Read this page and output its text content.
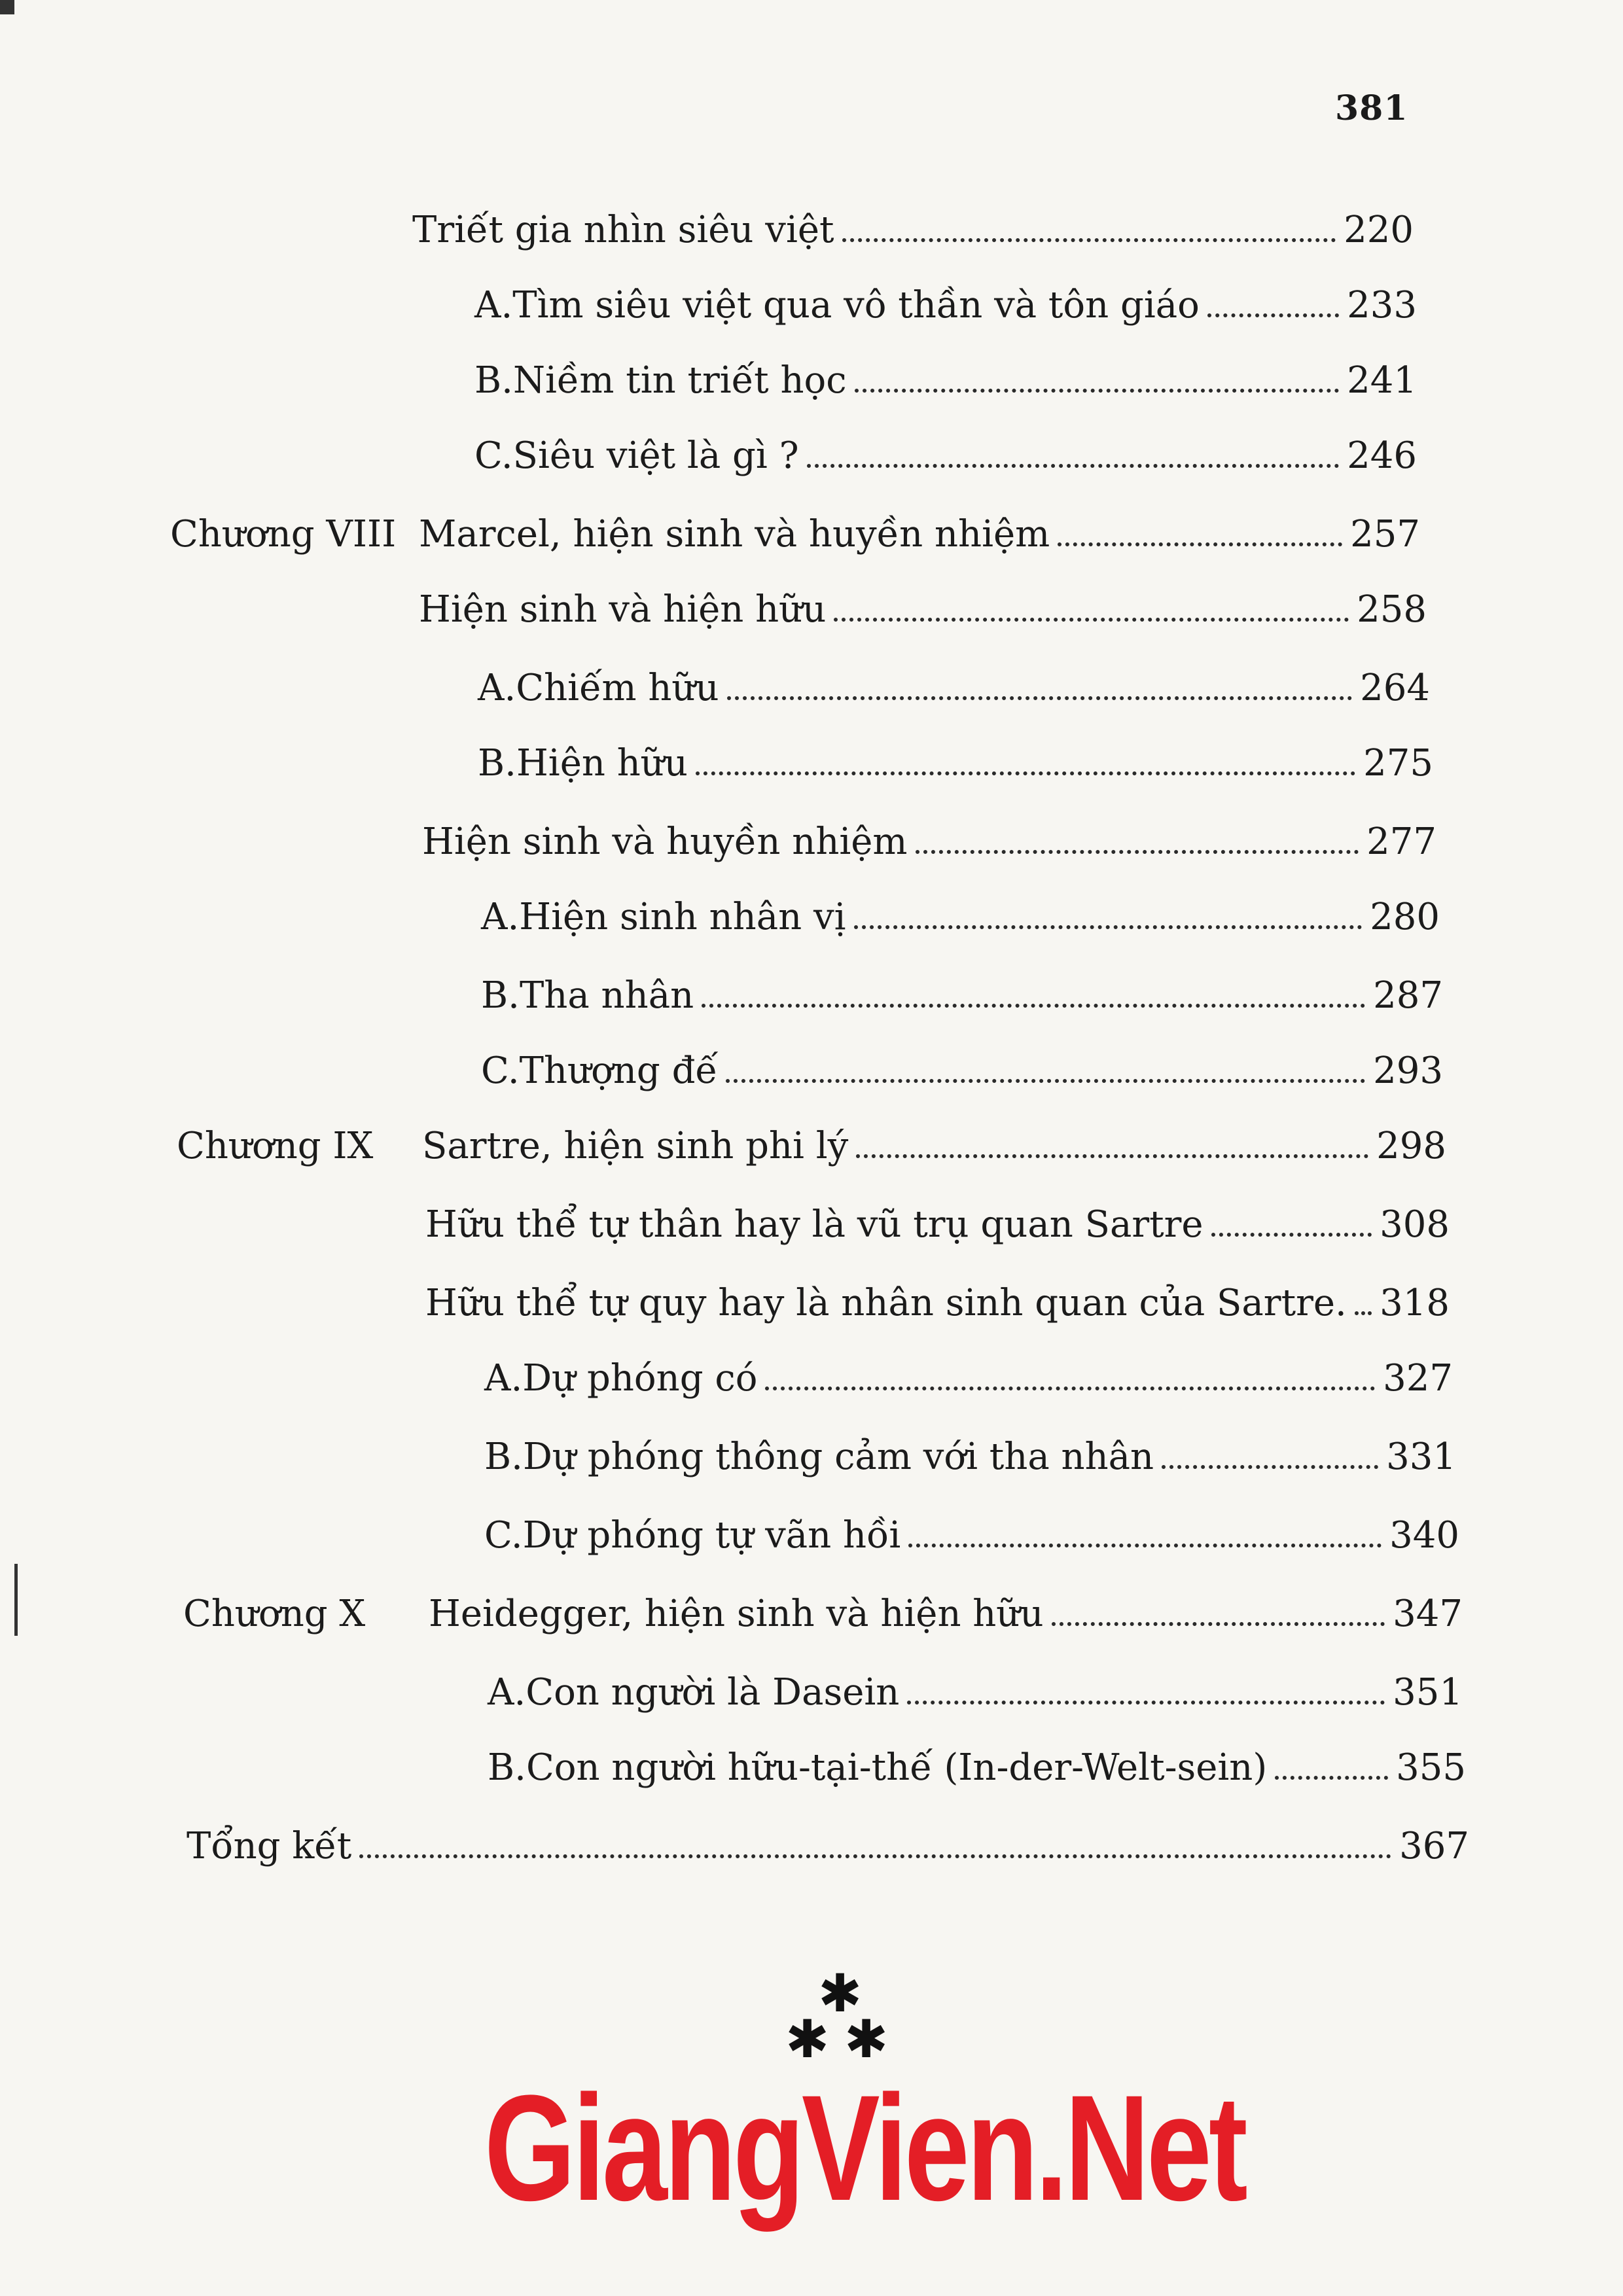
381
Triết gia nhìn siêu việt	220
A.Tìm siêu việt qua vô thần và tôn giáo	233
B.Niềm tin triết học	241
C.Siêu việt là gì ?	246
Chương VIII Marcel, hiện sinh và huyền nhiệm	257
Hiện sinh và hiện hữu	258
A.Chiếm hữu	264
B.Hiện hữu	275
Hiện sinh và huyền nhiệm	277
A.Hiện sinh nhân vị	280
B.Tha nhân	287
C.Thượng đế	293
Chương IX Sartre, hiện sinh phi lý	298
Hữu thể tự thân hay là vũ trụ quan Sartre	308
Hữu thể tự quy hay là nhân sinh quan của Sartre. 318
A.Dự phóng có	327
B.Dự phóng thông cảm với tha nhân	331
C.Dự phóng tự vãn hồi	340
Chương X Heidegger, hiện sinh và hiện hữu	347
A.Con người là Dasein	351
B.Con người hữu-tại-thế (In-der-Welt-sein)	355
Tổng kết	367
✱
✱ ✱
GiangVien.Net
